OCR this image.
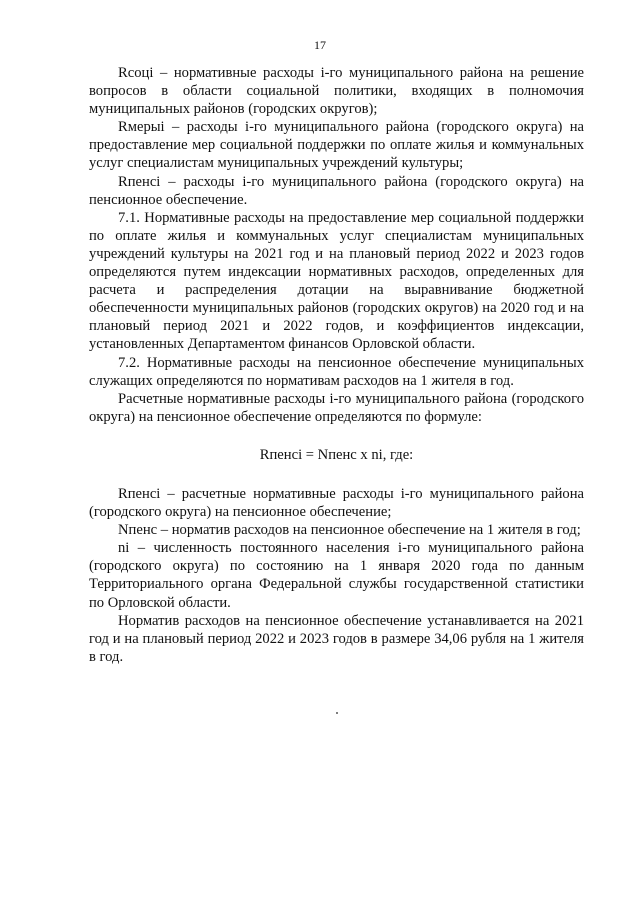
17

Rсоцi – нормативные расходы i-го муниципального района на решение вопросов в области социальной политики, входящих в полномочия муниципальных районов (городских округов);

Rмерыi – расходы i-го муниципального района (городского округа) на предоставление мер социальной поддержки по оплате жилья и коммунальных услуг специалистам муниципальных учреждений культуры;

Rпенсi – расходы i-го муниципального района (городского округа) на пенсионное обеспечение.

7.1. Нормативные расходы на предоставление мер социальной поддержки по оплате жилья и коммунальных услуг специалистам муниципальных учреждений культуры на 2021 год и на плановый период 2022 и 2023 годов определяются путем индексации нормативных расходов, определенных для расчета и распределения дотации на выравнивание бюджетной обеспеченности муниципальных районов (городских округов) на 2020 год и на плановый период 2021 и 2022 годов, и коэффициентов индексации, установленных Департаментом финансов Орловской области.

7.2. Нормативные расходы на пенсионное обеспечение муниципальных служащих определяются по нормативам расходов на 1 жителя в год.

Расчетные нормативные расходы i-го муниципального района (городского округа) на пенсионное обеспечение определяются по формуле:

Rпенсi = Nпенс x ni, где:

Rпенсi – расчетные нормативные расходы i-го муниципального района (городского округа) на пенсионное обеспечение;

Nпенс – норматив расходов на пенсионное обеспечение на 1 жителя в год;

ni – численность постоянного населения i-го муниципального района (городского округа) по состоянию на 1 января 2020 года по данным Территориального органа Федеральной службы государственной статистики по Орловской области.

Норматив расходов на пенсионное обеспечение устанавливается на 2021 год и на плановый период 2022 и 2023 годов в размере 34,06 рубля на 1 жителя в год.
